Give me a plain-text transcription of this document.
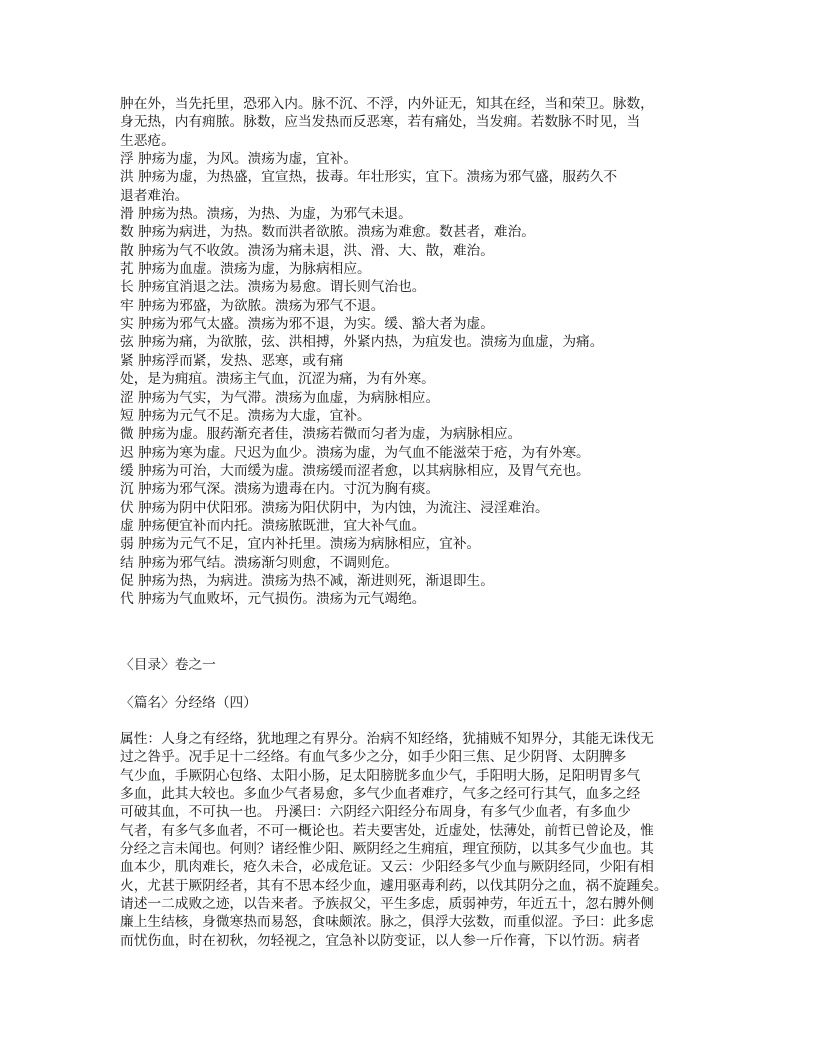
肿在外，当先托里，恐邪入内。脉不沉、不浮，内外证无，知其在经，当和荣卫。脉数，
身无热，内有痈脓。脉数，应当发热而反恶寒，若有痛处，当发痈。若数脉不时见，当
生恶疮。
浮 肿疡为虚，为风。溃疡为虚，宜补。
洪 肿疡为虚，为热盛，宜宣热，拔毒。年壮形实，宜下。溃疡为邪气盛，服药久不
退者难治。
滑 肿疡为热。溃疡，为热、为虚，为邪气未退。
数 肿疡为病进，为热。数而洪者欲脓。溃疡为难愈。数甚者，难治。
散 肿疡为气不收敛。溃汤为痛未退，洪、滑、大、散，难治。
芤 肿疡为血虚。溃疡为虚，为脉病相应。
长 肿疡宜消退之法。溃疡为易愈。谓长则气治也。
牢 肿疡为邪盛，为欲脓。溃疡为邪气不退。
实 肿疡为邪气太盛。溃疡为邪不退，为实。缓、豁大者为虚。
弦 肿疡为痛，为欲脓，弦、洪相搏，外紧内热，为疽发也。溃疡为血虚，为痛。
紧 肿疡浮而紧，发热、恶寒，或有痛
处，是为痈疽。溃疡主气血，沉涩为痛，为有外寒。
涩 肿疡为气实，为气滞。溃疡为血虚，为病脉相应。
短 肿疡为元气不足。溃疡为大虚，宜补。
微 肿疡为虚。服药渐充者佳，溃疡若微而匀者为虚，为病脉相应。
迟 肿疡为寒为虚。尺迟为血少。溃疡为虚，为气血不能滋荣于疮，为有外寒。
缓 肿疡为可治，大而缓为虚。溃疡缓而涩者愈，以其病脉相应，及胃气充也。
沉 肿疡为邪气深。溃疡为遗毒在内。寸沉为胸有痰。
伏 肿疡为阴中伏阳邪。溃疡为阳伏阴中，为内蚀，为流注、浸淫难治。
虚 肿疡便宜补而内托。溃疡脓既泄，宜大补气血。
弱 肿疡为元气不足，宜内补托里。溃疡为病脉相应，宜补。
结 肿疡为邪气结。溃疡渐匀则愈，不调则危。
促 肿疡为热，为病进。溃疡为热不减，渐进则死，渐退即生。
代 肿疡为气血败坏，元气损伤。溃疡为元气竭绝。
〈目录〉卷之一
〈篇名〉分经络（四）
属性：人身之有经络，犹地理之有界分。治病不知经络，犹捕贼不知界分，其能无诛伐无
过之咎乎。况手足十二经络。有血气多少之分，如手少阳三焦、足少阴肾、太阴脾多
气少血，手厥阴心包络、太阳小肠，足太阳膀胱多血少气，手阳明大肠，足阳明胃多气
多血，此其大较也。多血少气者易愈，多气少血者难疗，气多之经可行其气，血多之经
可破其血，不可执一也。 丹溪曰：六阴经六阳经分布周身，有多气少血者，有多血少
气者，有多气多血者，不可一概论也。若夫要害处，近虚处，怯薄处，前哲已曾论及，惟
分经之言未闻也。何则？诸经惟少阳、厥阴经之生痈疽，理宜预防，以其多气少血也。其
血本少，肌肉难长，疮久未合，必成危证。又云：少阳经多气少血与厥阴经同，少阳有相
火，尤甚于厥阴经者，其有不思本经少血，遽用驱毒利药，以伐其阴分之血，祸不旋踵矣。
请述一二成败之迹，以告来者。予族叔父，平生多虑，质弱神劳，年近五十，忽右膊外侧
廉上生结核，身微寒热而易怒，食味颇浓。脉之，俱浮大弦数，而重似涩。予曰：此多虑
而忧伤血，时在初秋，勿轻视之，宜急补以防变证，以人参一斤作膏，下以竹沥。病者
